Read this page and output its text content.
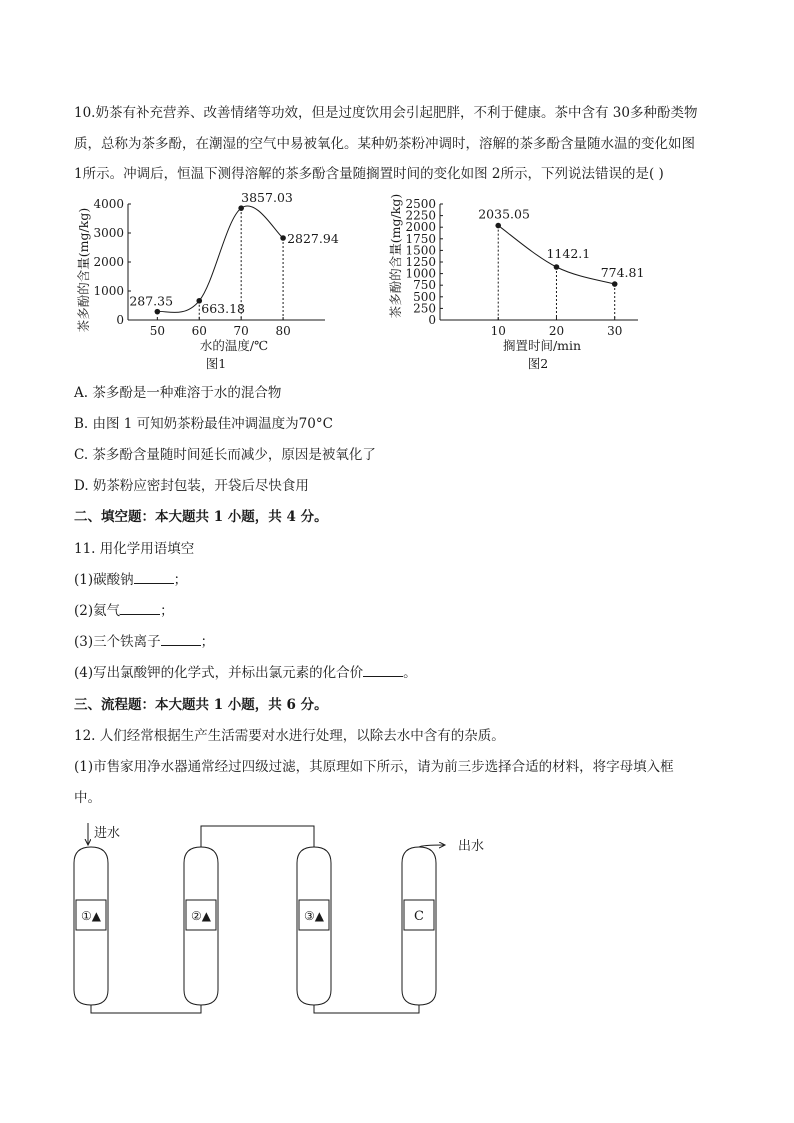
10.奶茶有补充营养、改善情绪等功效，但是过度饮用会引起肥胖，不利于健康。茶中含有 30多种酚类物
质，总称为茶多酚，在潮湿的空气中易被氧化。某种奶茶粉冲调时，溶解的茶多酚含量随水温的变化如图
1所示。冲调后，恒温下测得溶解的茶多酚含量随搁置时间的变化如图 2所示，下列说法错误的是( )
0
1000
2000
3000
4000
50 60 70 80
287.35 663.18
3857.03
2827.94
茶多酚的含量(mg/kg)
水的温度/℃
图1
0
250
500
750
1000
1250
1500
1750
2000
2250
2500
10	20	30
2035.05
1142.1
774.81
茶多酚的含量(mg/kg)
搁置时间/min
图2
A. 茶多酚是一种难溶于水的混合物
B. 由图 1 可知奶茶粉最佳冲调温度为70°C
C. 茶多酚含量随时间延长而减少，原因是被氧化了
D. 奶茶粉应密封包装，开袋后尽快食用
二、填空题：本大题共 1 小题，共 4 分。
11. 用化学用语填空
(1)碳酸钠	；
(2)氦气	；
(3)三个铁离子	；
(4)写出氯酸钾的化学式，并标出氯元素的化合价	。
三、流程题：本大题共 1 小题，共 6 分。
12. 人们经常根据生产生活需要对水进行处理，以除去水中含有的杂质。
(1)市售家用净水器通常经过四级过滤，其原理如下所示，请为前三步选择合适的材料，将字母填入框
中。
进水
出水
①▲	②▲	③▲	C
